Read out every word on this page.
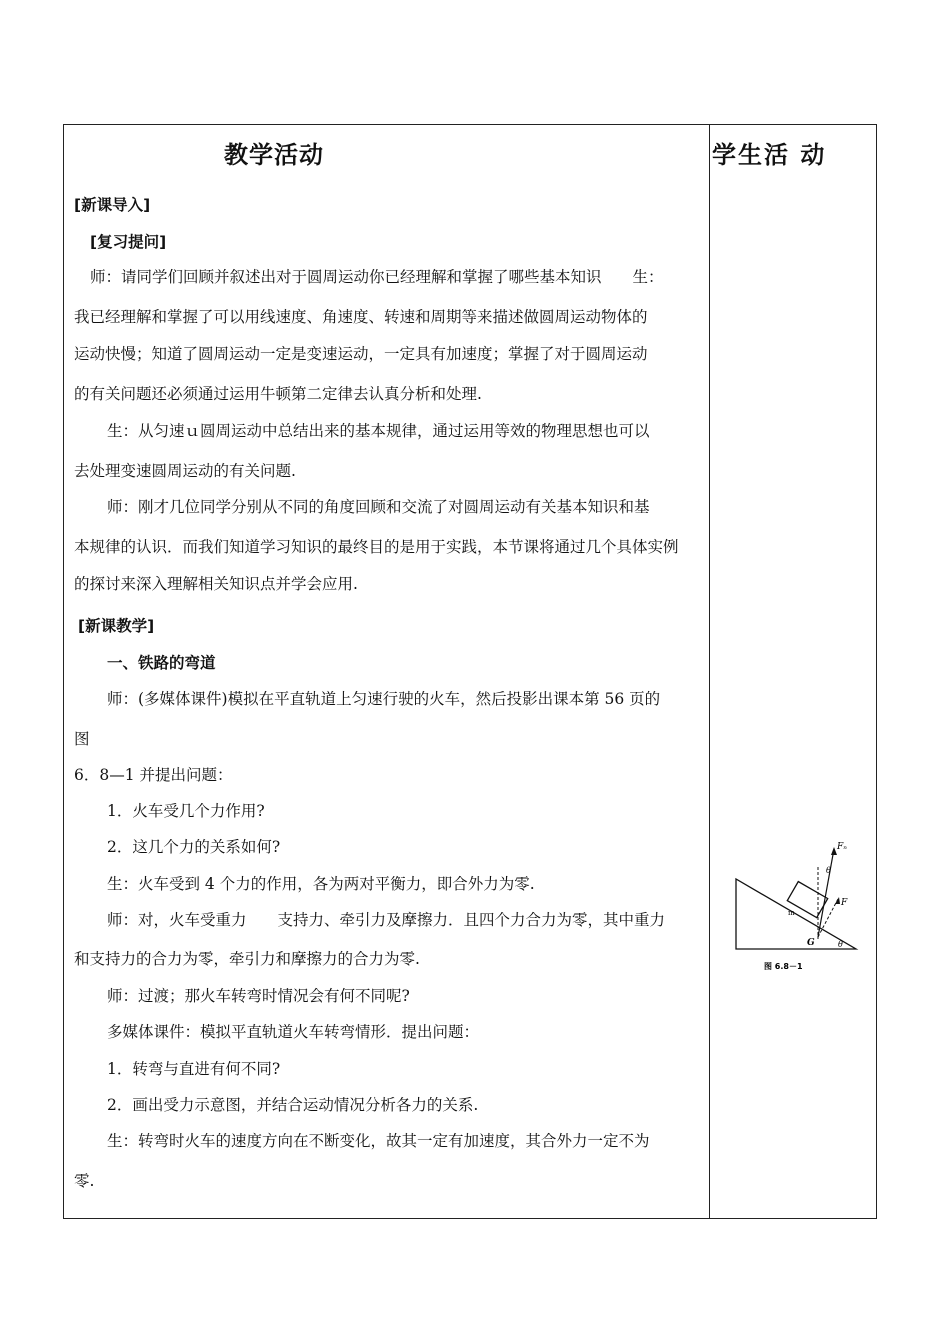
教学活动	学生活 动
[新课导入]
[复习提问]
师：请同学们回顾并叙述出对于圆周运动你已经理解和掌握了哪些基本知识　　生：
我已经理解和掌握了可以用线速度、角速度、转速和周期等来描述做圆周运动物体的
运动快慢；知道了圆周运动一定是变速运动，一定具有加速度；掌握了对于圆周运动
的有关问题还必须通过运用牛顿第二定律去认真分析和处理.
生：从匀速ｕ圆周运动中总结出来的基本规律，通过运用等效的物理思想也可以
去处理变速圆周运动的有关问题.
师：刚才几位同学分别从不同的角度回顾和交流了对圆周运动有关基本知识和基
本规律的认识．而我们知道学习知识的最终目的是用于实践，本节课将通过几个具体实例
的探讨来深入理解相关知识点并学会应用.
[新课教学]
一、铁路的弯道
师：(多媒体课件)模拟在平直轨道上匀速行驶的火车，然后投影出课本第 56 页的
图
6．8—1 并提出问题：
1．火车受几个力作用?
2．这几个力的关系如何?
生：火车受到 4 个力的作用，各为两对平衡力，即合外力为零.
师：对，火车受重力　　支持力、牵引力及摩擦力．且四个力合力为零，其中重力
和支持力的合力为零，牵引力和摩擦力的合力为零.
师：过渡；那火车转弯时情况会有何不同呢?
多媒体课件：模拟平直轨道火车转弯情形．提出问题：
1．转弯与直进有何不同?
2．画出受力示意图，并结合运动情况分析各力的关系.
生：转弯时火车的速度方向在不断变化，故其一定有加速度，其合外力一定不为
零.
Fₙ
θ
F
m
G	θ
图 6.8－1
